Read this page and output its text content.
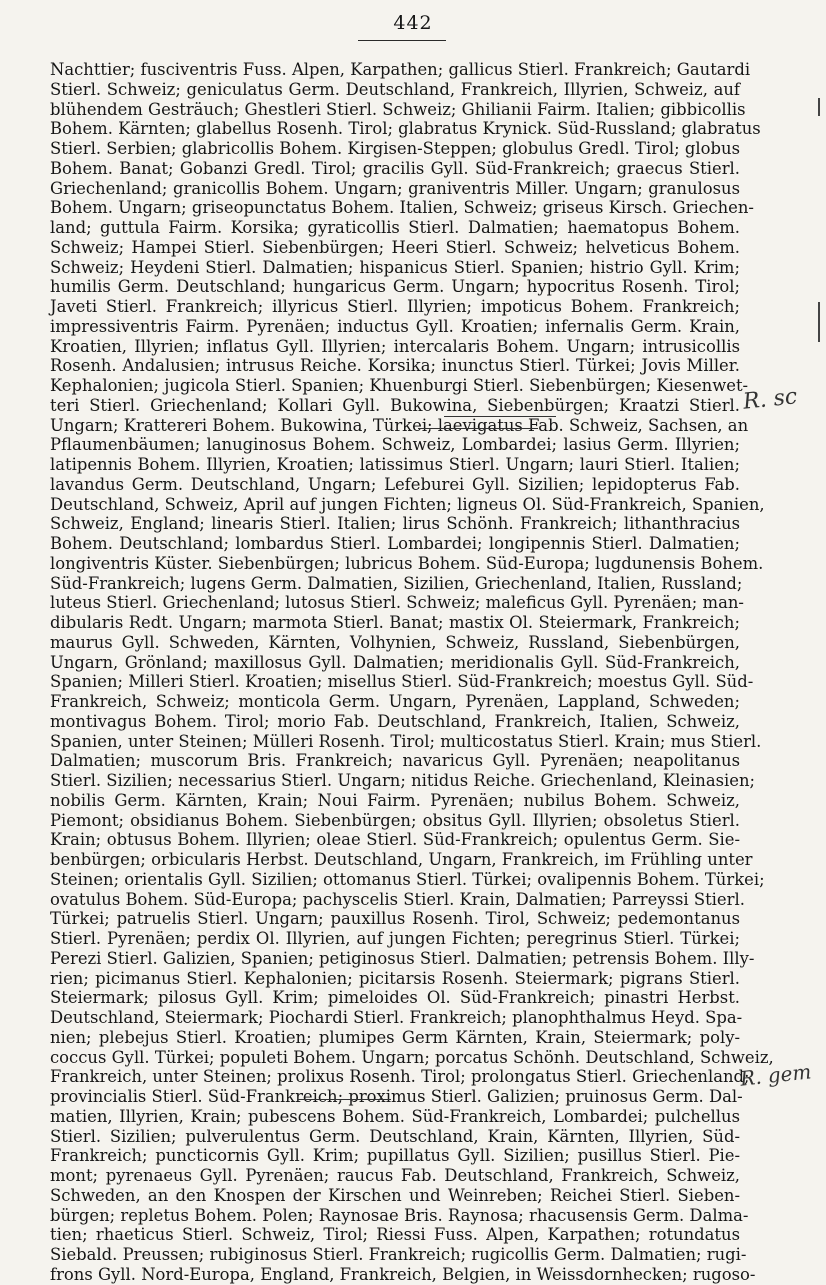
442
Nachttier; fusciventris Fuss. Alpen, Karpathen; gallicus Stierl. Frankreich; Gautardi
Stierl. Schweiz; geniculatus Germ. Deutschland, Frankreich, Illyrien, Schweiz, auf
blühendem Gesträuch; Ghestleri Stierl. Schweiz; Ghilianii Fairm. Italien; gibbicollis
Bohem. Kärnten; glabellus Rosenh. Tirol; glabratus Krynick. Süd-Russland; glabratus
Stierl. Serbien; glabricollis Bohem. Kirgisen-Steppen; globulus Gredl. Tirol; globus
Bohem. Banat; Gobanzi Gredl. Tirol; gracilis Gyll. Süd-Frankreich; graecus Stierl.
Griechenland; granicollis Bohem. Ungarn; graniventris Miller. Ungarn; granulosus
Bohem. Ungarn; griseopunctatus Bohem. Italien, Schweiz; griseus Kirsch. Griechen-
land; guttula Fairm. Korsika; gyraticollis Stierl. Dalmatien; haematopus Bohem.
Schweiz; Hampei Stierl. Siebenbürgen; Heeri Stierl. Schweiz; helveticus Bohem.
Schweiz; Heydeni Stierl. Dalmatien; hispanicus Stierl. Spanien; histrio Gyll. Krim;
humilis Germ. Deutschland; hungaricus Germ. Ungarn; hypocritus Rosenh. Tirol;
Javeti Stierl. Frankreich; illyricus Stierl. Illyrien; impoticus Bohem. Frankreich;
impressiventris Fairm. Pyrenäen; inductus Gyll. Kroatien; infernalis Germ. Krain,
Kroatien, Illyrien; inflatus Gyll. Illyrien; intercalaris Bohem. Ungarn; intrusicollis
Rosenh. Andalusien; intrusus Reiche. Korsika; inunctus Stierl. Türkei; Jovis Miller.
Kephalonien; jugicola Stierl. Spanien; Khuenburgi Stierl. Siebenbürgen; Kiesenwet-
teri Stierl. Griechenland; Kollari Gyll. Bukowina, Siebenbürgen; Kraatzi Stierl.
Ungarn; Krattereri Bohem. Bukowina, Türkei; laevigatus Fab. Schweiz, Sachsen, an
Pflaumenbäumen; lanuginosus Bohem. Schweiz, Lombardei; lasius Germ. Illyrien;
latipennis Bohem. Illyrien, Kroatien; latissimus Stierl. Ungarn; lauri Stierl. Italien;
lavandus Germ. Deutschland, Ungarn; Lefeburei Gyll. Sizilien; lepidopterus Fab.
Deutschland, Schweiz, April auf jungen Fichten; ligneus Ol. Süd-Frankreich, Spanien,
Schweiz, England; linearis Stierl. Italien; lirus Schönh. Frankreich; lithanthracius
Bohem. Deutschland; lombardus Stierl. Lombardei; longipennis Stierl. Dalmatien;
longiventris Küster. Siebenbürgen; lubricus Bohem. Süd-Europa; lugdunensis Bohem.
Süd-Frankreich; lugens Germ. Dalmatien, Sizilien, Griechenland, Italien, Russland;
luteus Stierl. Griechenland; lutosus Stierl. Schweiz; maleficus Gyll. Pyrenäen; man-
dibularis Redt. Ungarn; marmota Stierl. Banat; mastix Ol. Steiermark, Frankreich;
maurus Gyll. Schweden, Kärnten, Volhynien, Schweiz, Russland, Siebenbürgen,
Ungarn, Grönland; maxillosus Gyll. Dalmatien; meridionalis Gyll. Süd-Frankreich,
Spanien; Milleri Stierl. Kroatien; misellus Stierl. Süd-Frankreich; moestus Gyll. Süd-
Frankreich, Schweiz; monticola Germ. Ungarn, Pyrenäen, Lappland, Schweden;
montivagus Bohem. Tirol; morio Fab. Deutschland, Frankreich, Italien, Schweiz,
Spanien, unter Steinen; Mülleri Rosenh. Tirol; multicostatus Stierl. Krain; mus Stierl.
Dalmatien; muscorum Bris. Frankreich; navaricus Gyll. Pyrenäen; neapolitanus
Stierl. Sizilien; necessarius Stierl. Ungarn; nitidus Reiche. Griechenland, Kleinasien;
nobilis Germ. Kärnten, Krain; Noui Fairm. Pyrenäen; nubilus Bohem. Schweiz,
Piemont; obsidianus Bohem. Siebenbürgen; obsitus Gyll. Illyrien; obsoletus Stierl.
Krain; obtusus Bohem. Illyrien; oleae Stierl. Süd-Frankreich; opulentus Germ. Sie-
benbürgen; orbicularis Herbst. Deutschland, Ungarn, Frankreich, im Frühling unter
Steinen; orientalis Gyll. Sizilien; ottomanus Stierl. Türkei; ovalipennis Bohem. Türkei;
ovatulus Bohem. Süd-Europa; pachyscelis Stierl. Krain, Dalmatien; Parreyssi Stierl.
Türkei; patruelis Stierl. Ungarn; pauxillus Rosenh. Tirol, Schweiz; pedemontanus
Stierl. Pyrenäen; perdix Ol. Illyrien, auf jungen Fichten; peregrinus Stierl. Türkei;
Perezi Stierl. Galizien, Spanien; petiginosus Stierl. Dalmatien; petrensis Bohem. Illy-
rien; picimanus Stierl. Kephalonien; picitarsis Rosenh. Steiermark; pigrans Stierl.
Steiermark; pilosus Gyll. Krim; pimeloides Ol. Süd-Frankreich; pinastri Herbst.
Deutschland, Steiermark; Piochardi Stierl. Frankreich; planophthalmus Heyd. Spa-
nien; plebejus Stierl. Kroatien; plumipes Germ Kärnten, Krain, Steiermark; poly-
coccus Gyll. Türkei; populeti Bohem. Ungarn; porcatus Schönh. Deutschland, Schweiz,
Frankreich, unter Steinen; prolixus Rosenh. Tirol; prolongatus Stierl. Griechenland;
provincialis Stierl. Süd-Frankreich; proximus Stierl. Galizien; pruinosus Germ. Dal-
matien, Illyrien, Krain; pubescens Bohem. Süd-Frankreich, Lombardei; pulchellus
Stierl. Sizilien; pulverulentus Germ. Deutschland, Krain, Kärnten, Illyrien, Süd-
Frankreich; puncticornis Gyll. Krim; pupillatus Gyll. Sizilien; pusillus Stierl. Pie-
mont; pyrenaeus Gyll. Pyrenäen; raucus Fab. Deutschland, Frankreich, Schweiz,
Schweden, an den Knospen der Kirschen und Weinreben; Reichei Stierl. Sieben-
bürgen; repletus Bohem. Polen; Raynosae Bris. Raynosa; rhacusensis Germ. Dalma-
tien; rhaeticus Stierl. Schweiz, Tirol; Riessi Fuss. Alpen, Karpathen; rotundatus
Siebald. Preussen; rubiginosus Stierl. Frankreich; rugicollis Germ. Dalmatien; rugi-
frons Gyll. Nord-Europa, England, Frankreich, Belgien, in Weissdornhecken; rugoso-
R. sc
R. gem
